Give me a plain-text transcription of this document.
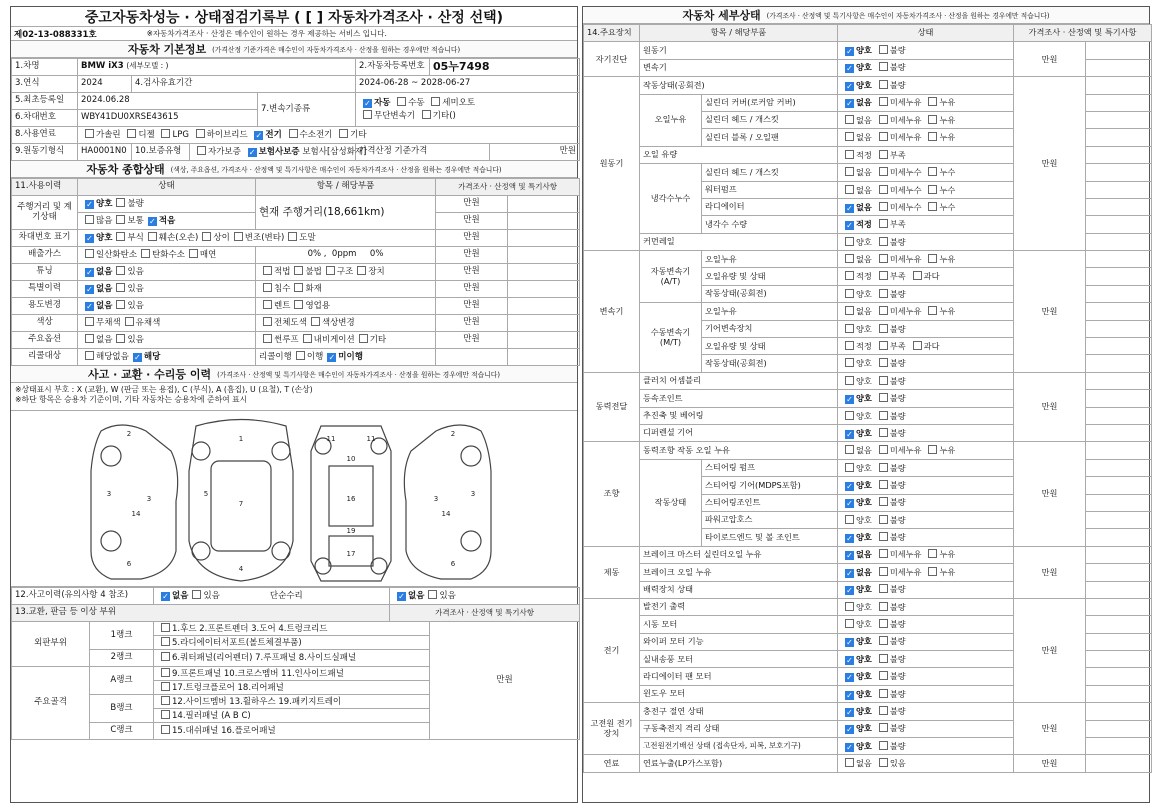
중고자동차성능 · 상태점검기록부 ( [ ] 자동차가격조사 · 산정 선택)
제02-13-088331호	※자동차가격조사 · 산정은 매수인이 원하는 경우 제공하는 서비스 입니다.
자동차 기본정보 (가격산정 기준가격은 매수인이 자동차가격조사 · 산정을 원하는 경우에만 적습니다)
1.차명	BMW iX3 (세부모델 : )				2.자동차등록번호	05누7498	
3.연식	2024	4.검사유효기간			2024-06-28 ~ 2028-06-27		
5.최초등록일	2024.06.28			7.변속기종류	✓ 자동 수동 세미오토
무단변속기 기타()		
6.차대번호	WBY41DU0XRSE43615						
8.사용연료	가솔린 디젤 LPG 하이브리드 ✓ 전기 수소전기 기타						
9.원동기형식	HA0001N0	10.보증유형	자가보증 ✓ 보험사보증 보험사[삼성화재]		가격산정 기준가격		만원
자동차 종합상태 (색상, 주요옵션, 가격조사 · 산정액 및 특기사항은 매수인이 자동차가격조사 · 산정을 원하는 경우에만 적습니다)
11.사용이력	상태	항목 / 해당부품	가격조사 · 산정액 및 특기사항	
주행거리 및 계기상태	✓ 양호 불량	현재 주행거리(18,661km)	만원	
	많음 보통 ✓ 적음		만원	
차대번호 표기	✓ 양호 부식 훼손(오손) 상이 변조(변타) 도말		만원	
배출가스	일산화탄소 탄화수소 매연	0% ,  0ppm 0%	만원	
튜닝	✓ 없음 있음	적법 불법 구조 장치	만원	
특별이력	✓ 없음 있음	침수 화재	만원	
용도변경	✓ 없음 있음	렌트 영업용	만원	
색상	무채색 유채색	전체도색 색상변경	만원	
주요옵션	없음 있음	썬루프 내비게이션 기타	만원	
리콜대상	해당없음 ✓ 해당	리콜이행 이행 ✓ 미이행		
사고 · 교환 · 수리등 이력 (가격조사 · 산정액 및 특기사항은 매수인이 자동차가격조사 · 산정을 원하는 경우에만 적습니다)
※상태표시 부호 : X (교환), W (판금 또는 용접), C (부식), A (흠집), U (요철), T (손상)
※하단 항목은 승용차 기준이며, 기타 자동차는 승용차에 준하여 표시
2
3
3
14
6
1
7
4
5
11	11
10
16
17
19
2
3
3
14
6
12.사고이력(유의사항 4 참조)		✓ 없음 있음 단순수리	✓ 없음 있음	
13.교환, 판금 등 이상 부위			가격조사 · 산정액 및 특기사항	
외판부위	1랭크	1.후드 2.프론트펜더 3.도어 4.트렁크리드		만원
		5.라디에이터서포트(볼트체결부품)		
	2랭크	6.쿼터패널(리어펜더) 7.루프패널 8.사이드실패널		
주요골격	A랭크	9.프론트패널 10.크로스멤버 11.인사이드패널		
		17.트렁크플로어 18.리어패널		
	B랭크	12.사이드멤버 13.휠하우스 19.패키지트레이		
		14.필러패널 (A B C)		
	C랭크	15.대쉬패널 16.플로어패널		
자동차 세부상태 (가격조사 · 산정액 및 특기사항은 매수인이 자동차가격조사 · 산정을 원하는 경우에만 적습니다)
14.주요장치	항목 / 해당부품		상태	가격조사 · 산정액 및 특기사항	
자기진단	원동기		✓ 양호 불량	만원	
	변속기		✓ 양호 불량		
원동기	작동상태(공회전)		✓ 양호 불량	만원	
	오일누유	실린더 커버(로커암 커버)	✓ 없음 미세누유 누유		
		실린더 헤드 / 개스킷	없음 미세누유 누유		
		실린더 블록 / 오일팬	없음 미세누유 누유		
	오일 유량		적정 부족		
	냉각수누수	실린더 헤드 / 개스킷	없음 미세누수 누수		
		워터펌프	없음 미세누수 누수		
		라디에이터	✓ 없음 미세누수 누수		
		냉각수 수량	✓ 적정 부족		
	커먼레일		양호 불량		
변속기	자동변속기 (A/T)	오일누유	없음 미세누유 누유	만원	
		오일유량 및 상태	적정 부족 과다		
		작동상태(공회전)	양호 불량		
	수동변속기 (M/T)	오일누유	없음 미세누유 누유		
		기어변속장치	양호 불량		
		오일유량 및 상태	적정 부족 과다		
		작동상태(공회전)	양호 불량		
동력전달	클러치 어셈블리		양호 불량	만원	
	등속조인트		✓ 양호 불량		
	추진축 및 베어링		양호 불량		
	디퍼렌셜 기어		✓ 양호 불량		
조향	동력조향 작동 오일 누유		없음 미세누유 누유	만원	
	작동상태	스티어링 펌프	양호 불량		
		스티어링 기어(MDPS포함)	✓ 양호 불량		
		스티어링조인트	✓ 양호 불량		
		파워고압호스	양호 불량		
		타이로드엔드 및 볼 조인트	✓ 양호 불량		
제동	브레이크 마스터 실린더오일 누유		✓ 없음 미세누유 누유	만원	
	브레이크 오일 누유		✓ 없음 미세누유 누유		
	배력장치 상태		✓ 양호 불량		
전기	발전기 출력		양호 불량	만원	
	시동 모터		양호 불량		
	와이퍼 모터 기능		✓ 양호 불량		
	실내송풍 모터		✓ 양호 불량		
	라디에이터 팬 모터		✓ 양호 불량		
	윈도우 모터		✓ 양호 불량		
고전원 전기장치	충전구 절연 상태		✓ 양호 불량	만원	
	구동축전지 격리 상태		✓ 양호 불량		
	고전원전기배선 상태 (접속단자, 피복, 보호기구)		✓ 양호 불량		
연료	연료누출(LP가스포함)		없음 있음	만원	
